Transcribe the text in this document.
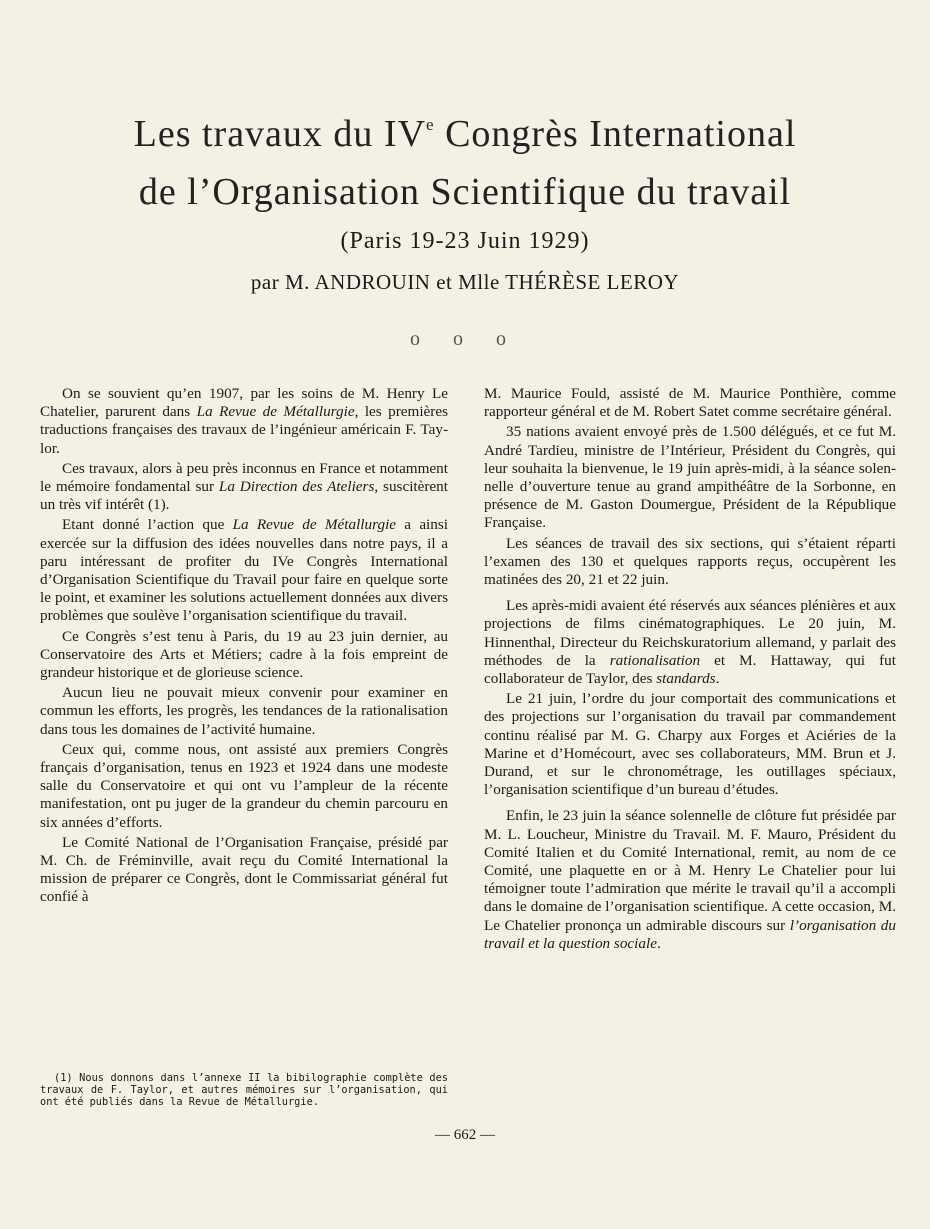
Les travaux du IVe Congrès International
de l’Organisation Scientifique du travail
(Paris 19-23 Juin 1929)
par M. ANDROUIN et Mlle THÉRÈSE LEROY
o o o

On se souvient qu’en 1907, par les soins de M. Henry Le Chatelier, parurent dans La Revue de Métallurgie, les premières traductions françaises des travaux de l’ingénieur américain F. Taylor.

Ces travaux, alors à peu près inconnus en France et notamment le mémoire fondamental sur La Direction des Ateliers, suscitèrent un très vif intérêt (1).

Etant donné l’action que La Revue de Métallurgie a ainsi exercée sur la diffusion des idées nouvelles dans notre pays, il a paru intéressant de profiter du IVe Congrès International d’Organisation Scientifique du Travail pour faire en quelque sorte le point, et examiner les solutions actuellement données aux divers problèmes que soulève l’organisation scientifique du travail.

Ce Congrès s’est tenu à Paris, du 19 au 23 juin dernier, au Conservatoire des Arts et Métiers; cadre à la fois empreint de grandeur historique et de glorieuse science.

Aucun lieu ne pouvait mieux convenir pour examiner en commun les efforts, les progrès, les tendances de la rationalisation dans tous les domaines de l’activité humaine.

Ceux qui, comme nous, ont assisté aux premiers Congrès français d’organisation, tenus en 1923 et 1924 dans une modeste salle du Conservatoire et qui ont vu l’ampleur de la récente manifestation, ont pu juger de la grandeur du chemin parcouru en six années d’efforts.

Le Comité National de l’Organisation Française, présidé par M. Ch. de Fréminville, avait reçu du Comité International la mission de préparer ce Congrès, dont le Commissariat général fut confié à

(1) Nous donnons dans l’annexe II la bibilographie complète des travaux de F. Taylor, et autres mémoires sur l’organisation, qui ont été publiés dans la Revue de Métallurgie.

M. Maurice Fould, assisté de M. Maurice Ponthière, comme rapporteur général et de M. Robert Satet comme secrétaire général.

35 nations avaient envoyé près de 1.500 délégués, et ce fut M. André Tardieu, ministre de l’Intérieur, Président du Congrès, qui leur souhaita la bienvenue, le 19 juin après-midi, à la séance solennelle d’ouverture tenue au grand ampithéâtre de la Sorbonne, en présence de M. Gaston Doumergue, Président de la République Française.

Les séances de travail des six sections, qui s’étaient réparti l’examen des 130 et quelques rapports reçus, occupèrent les matinées des 20, 21 et 22 juin.

Les après-midi avaient été réservés aux séances plénières et aux projections de films cinématographiques. Le 20 juin, M. Hinnenthal, Directeur du Reichskuratorium allemand, y parlait des méthodes de la rationalisation et M. Hattaway, qui fut collaborateur de Taylor, des standards.

Le 21 juin, l’ordre du jour comportait des communications et des projections sur l’organisation du travail par commandement continu réalisé par M. G. Charpy aux Forges et Aciéries de la Marine et d’Homécourt, avec ses collaborateurs, MM. Brun et J. Durand, et sur le chronométrage, les outillages spéciaux, l’organisation scientifique d’un bureau d’études.

Enfin, le 23 juin la séance solennelle de clôture fut présidée par M. L. Loucheur, Ministre du Travail. M. F. Mauro, Président du Comité Italien et du Comité International, remit, au nom de ce Comité, une plaquette en or à M. Henry Le Chatelier pour lui témoigner toute l’admiration que mérite le travail qu’il a accompli dans le domaine de l’organisation scientifique. A cette occasion, M. Le Chatelier prononça un admirable discours sur l’organisation du travail et la question sociale.

— 662 —
